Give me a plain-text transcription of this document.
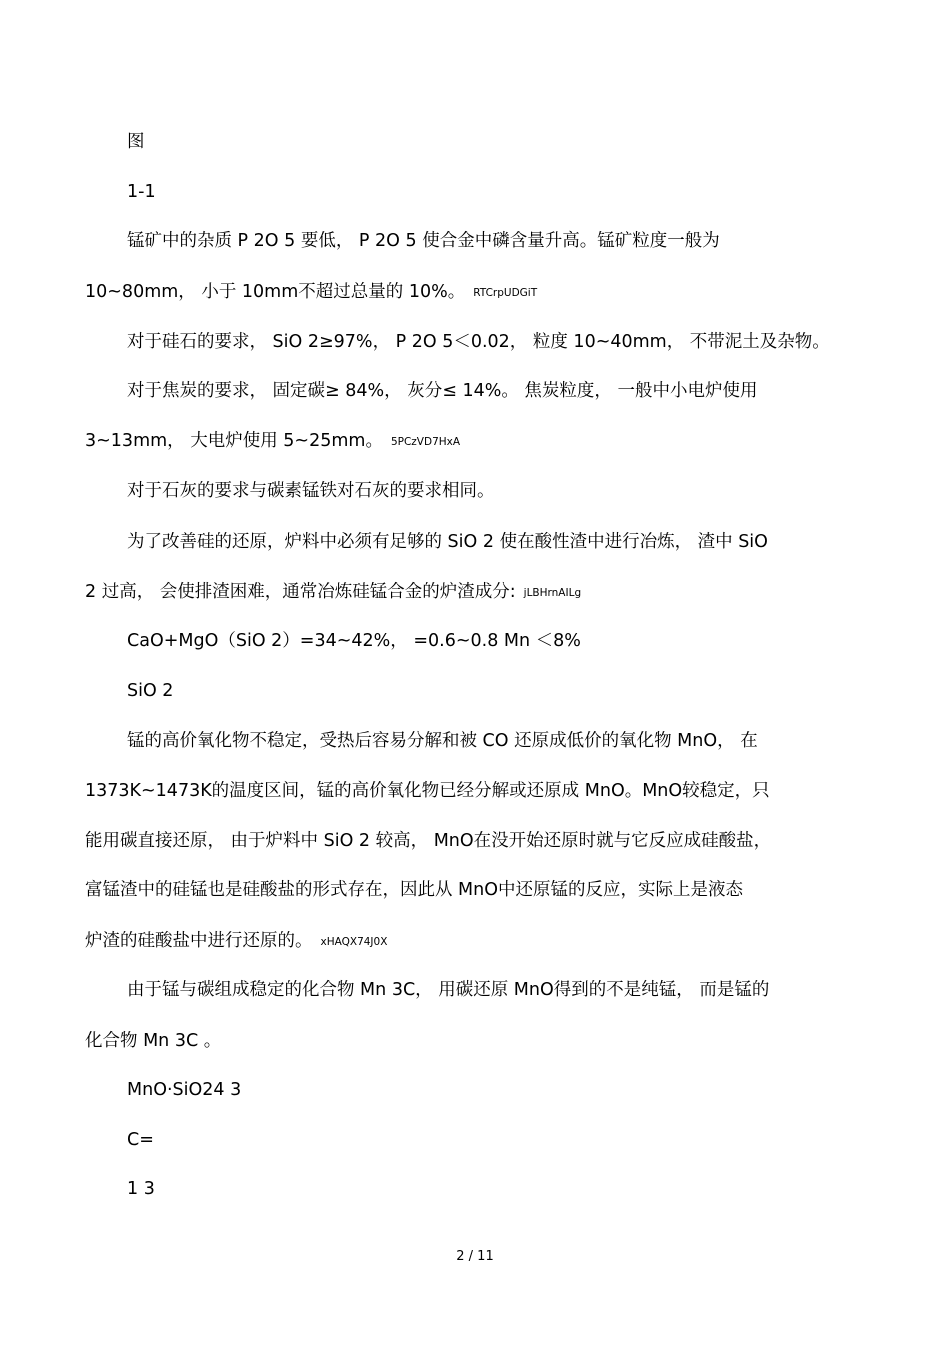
图

1-1

锰矿中的杂质 P 2O 5 要低， P 2O 5 使合金中磷含量升高。锰矿粒度一般为

10~80mm， 小于 10mm不超过总量的 10%。 RTCrpUDGiT

对于硅石的要求， SiO 2≥97%， P 2O 5＜0.02， 粒度 10~40mm， 不带泥土及杂物。

对于焦炭的要求， 固定碳≥ 84%， 灰分≤ 14%。 焦炭粒度， 一般中小电炉使用

3~13mm， 大电炉使用 5~25mm。 5PCzVD7HxA

对于石灰的要求与碳素锰铁对石灰的要求相同。

为了改善硅的还原，炉料中必须有足够的 SiO 2 使在酸性渣中进行冶炼， 渣中 SiO

2 过高， 会使排渣困难，通常冶炼硅锰合金的炉渣成分: jLBHrnAILg

CaO+MgO（SiO 2）=34~42%， =0.6~0.8 Mn ＜8%

SiO 2

锰的高价氧化物不稳定，受热后容易分解和被 CO 还原成低价的氧化物 MnO， 在

1373K~1473K的温度区间，锰的高价氧化物已经分解或还原成 MnO。MnO较稳定，只

能用碳直接还原， 由于炉料中 SiO 2 较高， MnO在没开始还原时就与它反应成硅酸盐，

富锰渣中的硅锰也是硅酸盐的形式存在，因此从 MnO中还原锰的反应，实际上是液态

炉渣的硅酸盐中进行还原的。 xHAQX74J0X

由于锰与碳组成稳定的化合物 Mn 3C， 用碳还原 MnO得到的不是纯锰， 而是锰的

化合物 Mn 3C 。

MnO·SiO24 3

C=

1 3

2 / 11
